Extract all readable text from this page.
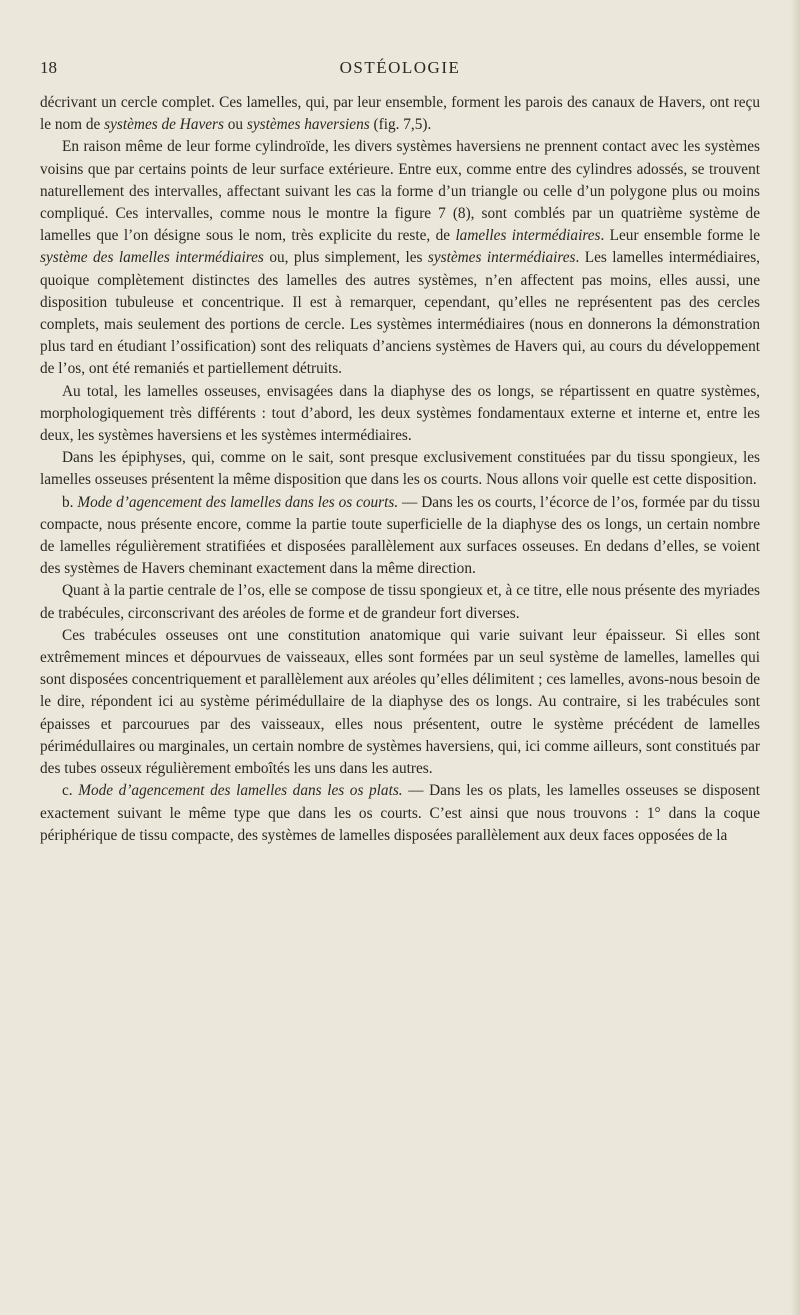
18	OSTÉOLOGIE

décrivant un cercle complet. Ces lamelles, qui, par leur ensemble, forment les parois des canaux de Havers, ont reçu le nom de systèmes de Havers ou systèmes haversiens (fig. 7,5).

En raison même de leur forme cylindroïde, les divers systèmes haversiens ne prennent contact avec les systèmes voisins que par certains points de leur surface extérieure. Entre eux, comme entre des cylindres adossés, se trouvent naturellement des intervalles, affectant suivant les cas la forme d’un triangle ou celle d’un polygone plus ou moins compliqué. Ces intervalles, comme nous le montre la figure 7 (8), sont comblés par un quatrième système de lamelles que l’on désigne sous le nom, très explicite du reste, de lamelles intermédiaires. Leur ensemble forme le système des lamelles intermédiaires ou, plus simplement, les systèmes intermédiaires. Les lamelles intermédiaires, quoique complètement distinctes des lamelles des autres systèmes, n’en affectent pas moins, elles aussi, une disposition tubuleuse et concentrique. Il est à remarquer, cependant, qu’elles ne représentent pas des cercles complets, mais seulement des portions de cercle. Les systèmes intermédiaires (nous en donnerons la démonstration plus tard en étudiant l’ossification) sont des reliquats d’anciens systèmes de Havers qui, au cours du développement de l’os, ont été remaniés et partiellement détruits.

Au total, les lamelles osseuses, envisagées dans la diaphyse des os longs, se répartissent en quatre systèmes, morphologiquement très différents : tout d’abord, les deux systèmes fondamentaux externe et interne et, entre les deux, les systèmes haversiens et les systèmes intermédiaires.

Dans les épiphyses, qui, comme on le sait, sont presque exclusivement constituées par du tissu spongieux, les lamelles osseuses présentent la même disposition que dans les os courts. Nous allons voir quelle est cette disposition.

b. Mode d’agencement des lamelles dans les os courts. — Dans les os courts, l’écorce de l’os, formée par du tissu compacte, nous présente encore, comme la partie toute superficielle de la diaphyse des os longs, un certain nombre de lamelles régulièrement stratifiées et disposées parallèlement aux surfaces osseuses. En dedans d’elles, se voient des systèmes de Havers cheminant exactement dans la même direction.

Quant à la partie centrale de l’os, elle se compose de tissu spongieux et, à ce titre, elle nous présente des myriades de trabécules, circonscrivant des aréoles de forme et de grandeur fort diverses.

Ces trabécules osseuses ont une constitution anatomique qui varie suivant leur épaisseur. Si elles sont extrêmement minces et dépourvues de vaisseaux, elles sont formées par un seul système de lamelles, lamelles qui sont disposées concentriquement et parallèlement aux aréoles qu’elles délimitent ; ces lamelles, avons-nous besoin de le dire, répondent ici au système périmédullaire de la diaphyse des os longs. Au contraire, si les trabécules sont épaisses et parcourues par des vaisseaux, elles nous présentent, outre le système précédent de lamelles périmédullaires ou marginales, un certain nombre de systèmes haversiens, qui, ici comme ailleurs, sont constitués par des tubes osseux régulièrement emboîtés les uns dans les autres.

c. Mode d’agencement des lamelles dans les os plats. — Dans les os plats, les lamelles osseuses se disposent exactement suivant le même type que dans les os courts. C’est ainsi que nous trouvons : 1° dans la coque périphérique de tissu compacte, des systèmes de lamelles disposées parallèlement aux deux faces opposées de la
